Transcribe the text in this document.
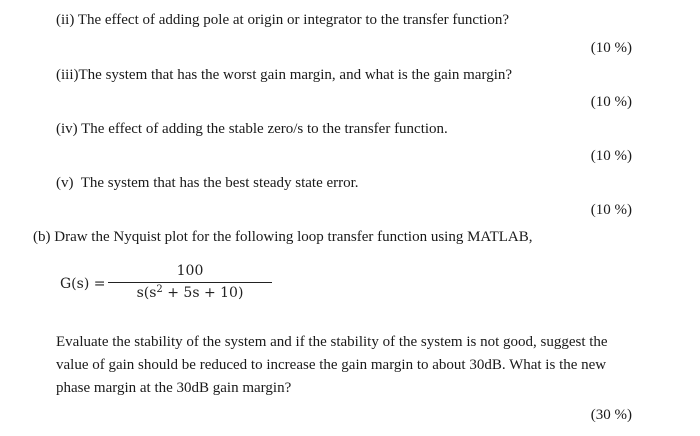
(ii) The effect of adding pole at origin or integrator to the transfer function?
(10 %)
(iii)The system that has the worst gain margin, and what is the gain margin?
(10 %)
(iv) The effect of adding the stable zero/s to the transfer function.
(10 %)
(v)  The system that has the best steady state error.
(10 %)
(b) Draw the Nyquist plot for the following loop transfer function using MATLAB,
G(s) =
100
$s(s^2 + 5s + 10)$
Evaluate the stability of the system and if the stability of the system is not good, suggest the value of gain should be reduced to increase the gain margin to about 30dB. What is the new phase margin at the 30dB gain margin?
(30 %)
